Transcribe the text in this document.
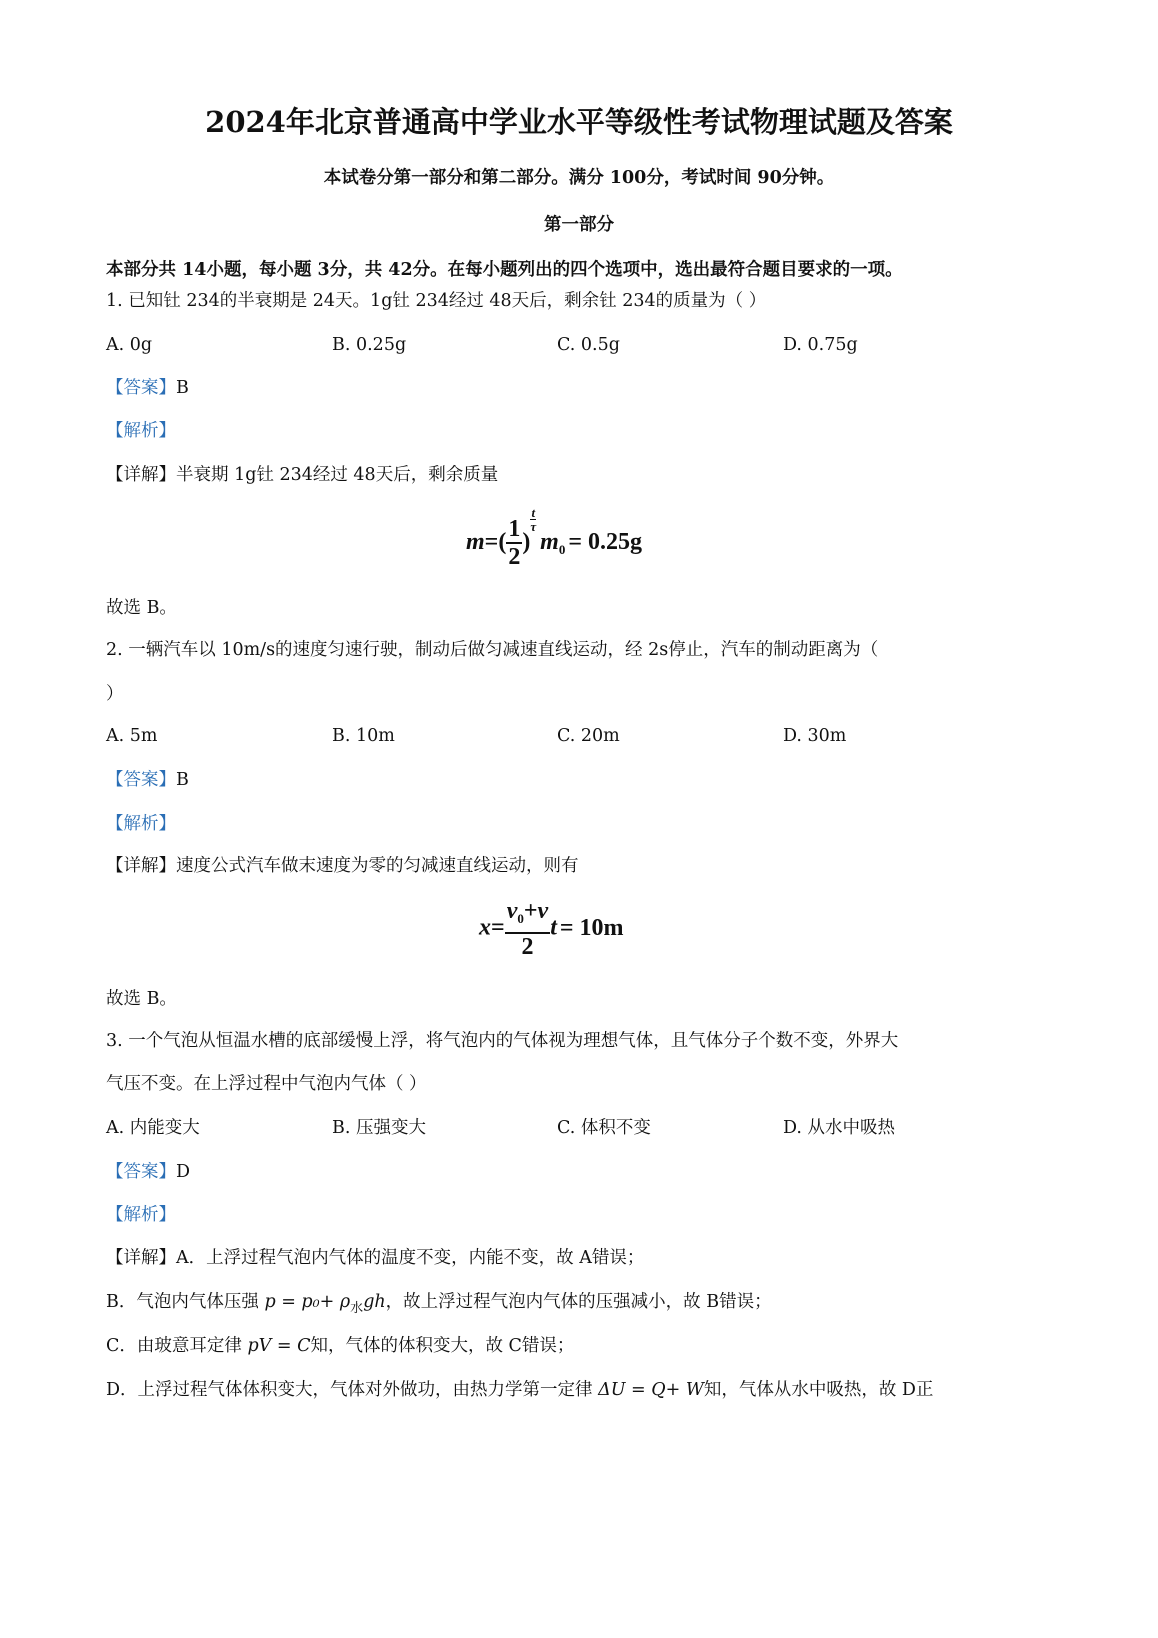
2024年北京普通高中学业水平等级性考试物理试题及答案
本试卷分第一部分和第二部分。满分 100分，考试时间 90分钟。
第一部分
本部分共 14小题，每小题 3分，共 42分。在每小题列出的四个选项中，选出最符合题目要求的一项。
1. 已知钍 234的半衰期是 24天。1g钍 234经过 48天后，剩余钍 234的质量为（ ）
A. 0g	B. 0.25g	C. 0.5g	D. 0.75g
【答案】B
【解析】
【详解】半衰期 1g钍 234经过 48天后，剩余质量
$m=( \frac{1}{2}$ )
$\frac{t}{\tau}$
$m_0 = 0.25g$
故选 B。
2. 一辆汽车以 10m/s的速度匀速行驶，制动后做匀减速直线运动，经 2s停止，汽车的制动距离为（
）
A. 5m	B. 10m	C. 20m	D. 30m
【答案】B
【解析】
【详解】速度公式汽车做末速度为零的匀减速直线运动，则有
$x= \frac{v_0+v}{2}$ t = 10m
故选 B。
3. 一个气泡从恒温水槽的底部缓慢上浮，将气泡内的气体视为理想气体，且气体分子个数不变，外界大
气压不变。在上浮过程中气泡内气体（ ）
A. 内能变大	B. 压强变大	C. 体积不变	D. 从水中吸热
【答案】D
【解析】
【详解】A．上浮过程气泡内气体的温度不变，内能不变，故 A错误；
B．气泡内气体压强 $p = p_0+ \rho_水gh$，故上浮过程气泡内气体的压强减小，故 B错误；
C．由玻意耳定律 pV = C知，气体的体积变大，故 C错误；
D．上浮过程气体体积变大，气体对外做功，由热力学第一定律 ΔU = Q+ W知，气体从水中吸热，故 D正
